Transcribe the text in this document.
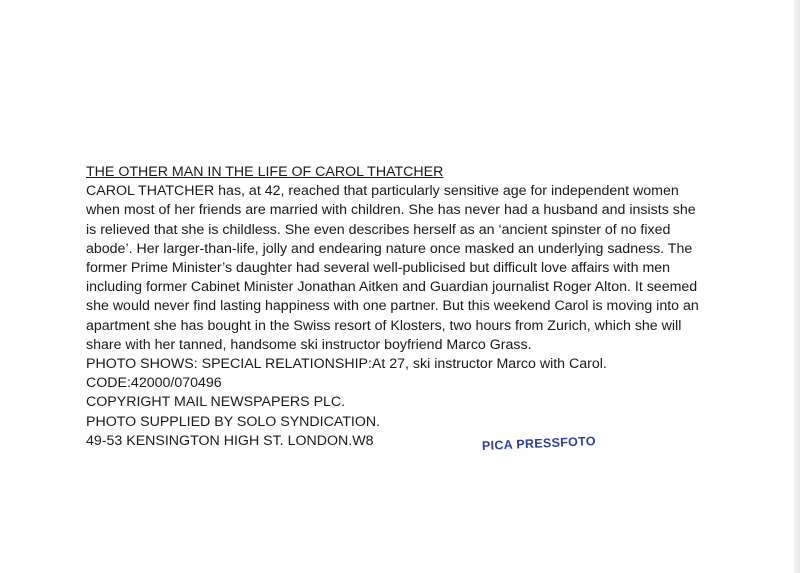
THE OTHER MAN IN THE LIFE OF CAROL THATCHER
CAROL THATCHER has, at 42, reached that particularly sensitive age for independent women when most of her friends are married with children. She has never had a husband and insists she is relieved that she is childless. She even describes herself as an ‘ancient spinster of no fixed abode’. Her larger-than-life, jolly and endearing nature once masked an underlying sadness. The former Prime Minister’s daughter had several well-publicised but difficult love affairs with men including former Cabinet Minister Jonathan Aitken and Guardian journalist Roger Alton. It seemed she would never find lasting happiness with one partner. But this weekend Carol is moving into an apartment she has bought in the Swiss resort of Klosters, two hours from Zurich, which she will share with her tanned, handsome ski instructor boyfriend Marco Grass.
PHOTO SHOWS: SPECIAL RELATIONSHIP:At 27, ski instructor Marco with Carol.
CODE:42000/070496
COPYRIGHT MAIL NEWSPAPERS PLC.
PHOTO SUPPLIED BY SOLO SYNDICATION.
49-53 KENSINGTON HIGH ST. LONDON.W8	PICA PRESSFOTO
